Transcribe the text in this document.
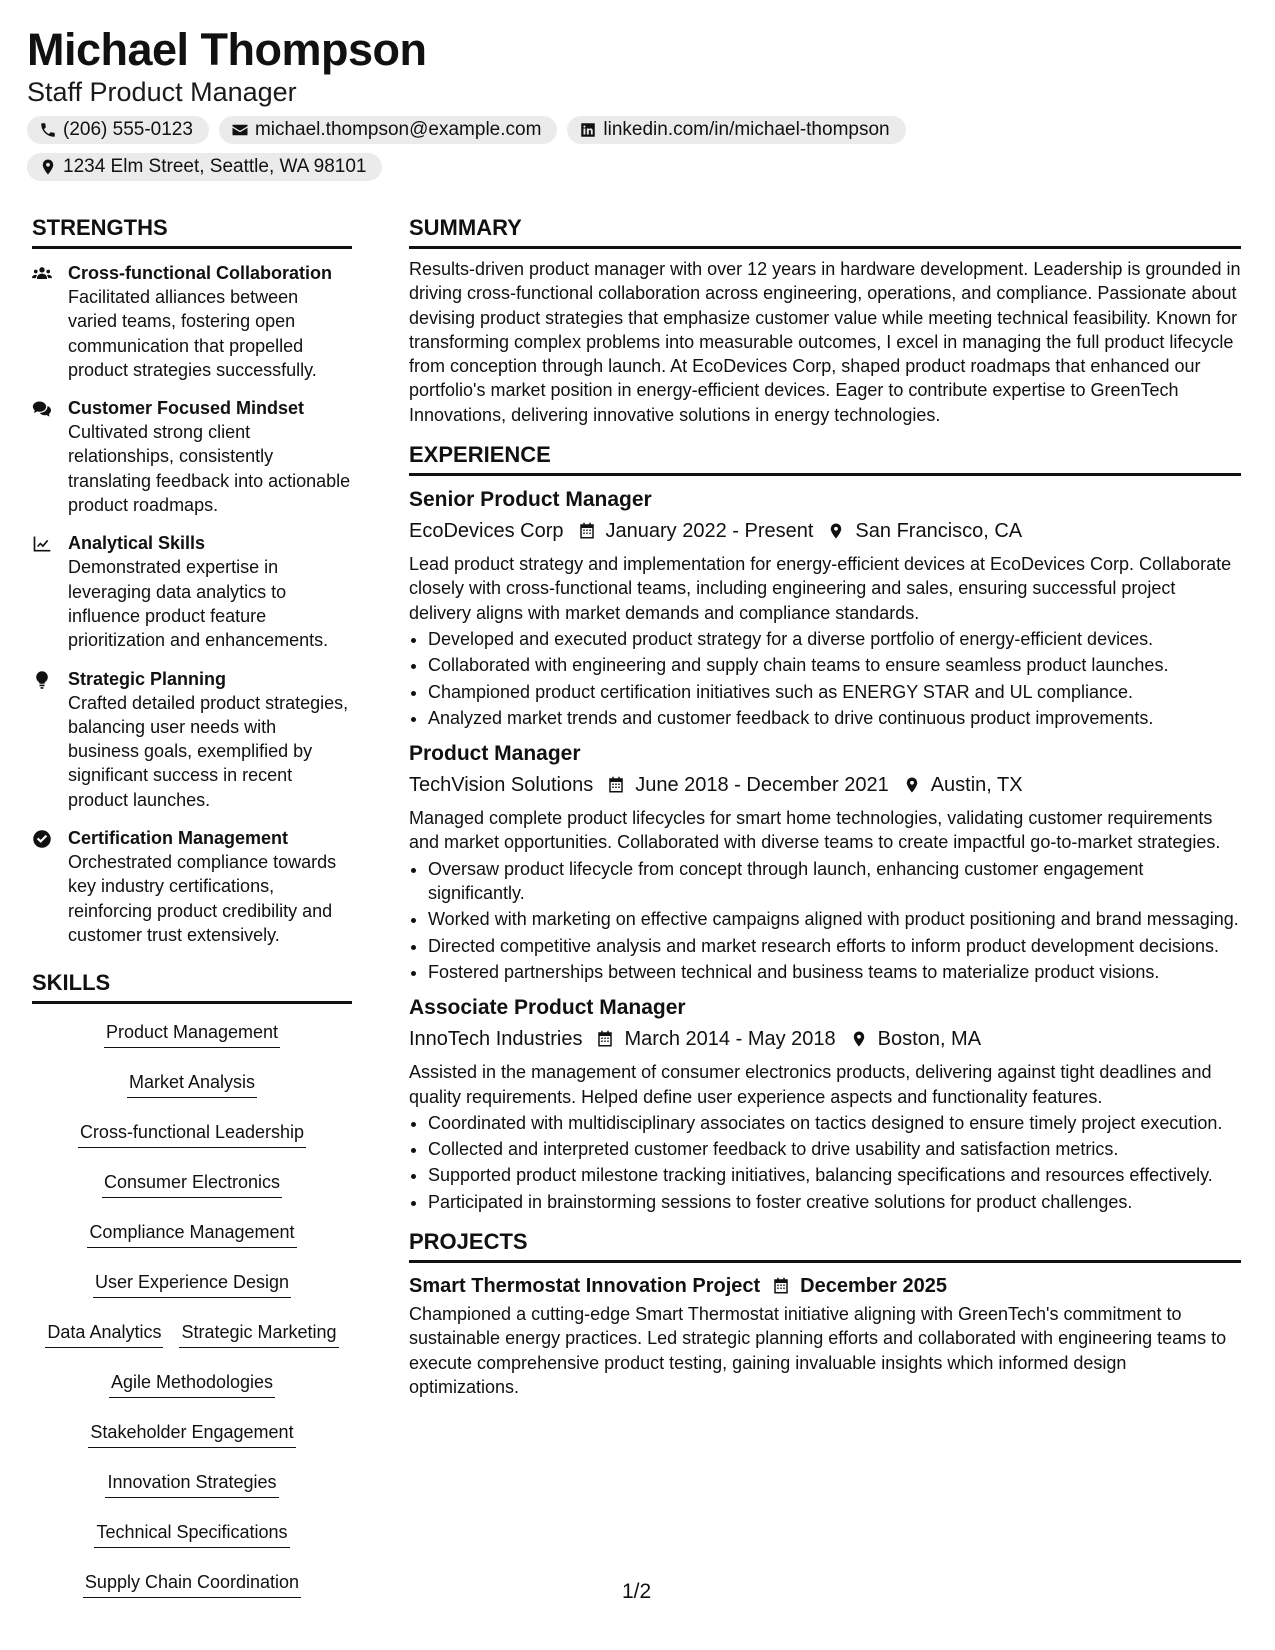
Michael Thompson
Staff Product Manager
(206) 555-0123	michael.thompson@example.com	linkedin.com/in/michael-thompson
1234 Elm Street, Seattle, WA 98101
STRENGTHS
Cross-functional Collaboration
Facilitated alliances between varied teams, fostering open communication that propelled product strategies successfully.
Customer Focused Mindset
Cultivated strong client relationships, consistently translating feedback into actionable product roadmaps.
Analytical Skills
Demonstrated expertise in leveraging data analytics to influence product feature prioritization and enhancements.
Strategic Planning
Crafted detailed product strategies, balancing user needs with business goals, exemplified by significant success in recent product launches.
Certification Management
Orchestrated compliance towards key industry certifications, reinforcing product credibility and customer trust extensively.
SKILLS
Product Management
Market Analysis
Cross-functional Leadership
Consumer Electronics
Compliance Management
User Experience Design
Data Analytics Strategic Marketing
Agile Methodologies
Stakeholder Engagement
Innovation Strategies
Technical Specifications
Supply Chain Coordination
SUMMARY

Results-driven product manager with over 12 years in hardware development. Leadership is grounded in driving cross-functional collaboration across engineering, operations, and compliance. Passionate about devising product strategies that emphasize customer value while meeting technical feasibility. Known for transforming complex problems into measurable outcomes, I excel in managing the full product lifecycle from conception through launch. At EcoDevices Corp, shaped product roadmaps that enhanced our portfolio's market position in energy-efficient devices. Eager to contribute expertise to GreenTech Innovations, delivering innovative solutions in energy technologies.

EXPERIENCE
Senior Product Manager
EcoDevices Corp January 2022 - Present San Francisco, CA

Lead product strategy and implementation for energy-efficient devices at EcoDevices Corp. Collaborate closely with cross-functional teams, including engineering and sales, ensuring successful project delivery aligns with market demands and compliance standards.

• Developed and executed product strategy for a diverse portfolio of energy-efficient devices.
• Collaborated with engineering and supply chain teams to ensure seamless product launches.
• Championed product certification initiatives such as ENERGY STAR and UL compliance.
• Analyzed market trends and customer feedback to drive continuous product improvements.
Product Manager
TechVision Solutions June 2018 - December 2021 Austin, TX

Managed complete product lifecycles for smart home technologies, validating customer requirements and market opportunities. Collaborated with diverse teams to create impactful go-to-market strategies.

• Oversaw product lifecycle from concept through launch, enhancing customer engagement significantly.
• Worked with marketing on effective campaigns aligned with product positioning and brand messaging.
• Directed competitive analysis and market research efforts to inform product development decisions.
• Fostered partnerships between technical and business teams to materialize product visions.
Associate Product Manager
InnoTech Industries March 2014 - May 2018 Boston, MA

Assisted in the management of consumer electronics products, delivering against tight deadlines and quality requirements. Helped define user experience aspects and functionality features.

• Coordinated with multidisciplinary associates on tactics designed to ensure timely project execution.
• Collected and interpreted customer feedback to drive usability and satisfaction metrics.
• Supported product milestone tracking initiatives, balancing specifications and resources effectively.
• Participated in brainstorming sessions to foster creative solutions for product challenges.
PROJECTS
Smart Thermostat Innovation Project December 2025

Championed a cutting-edge Smart Thermostat initiative aligning with GreenTech's commitment to sustainable energy practices. Led strategic planning efforts and collaborated with engineering teams to execute comprehensive product testing, gaining invaluable insights which informed design optimizations.

1/2
